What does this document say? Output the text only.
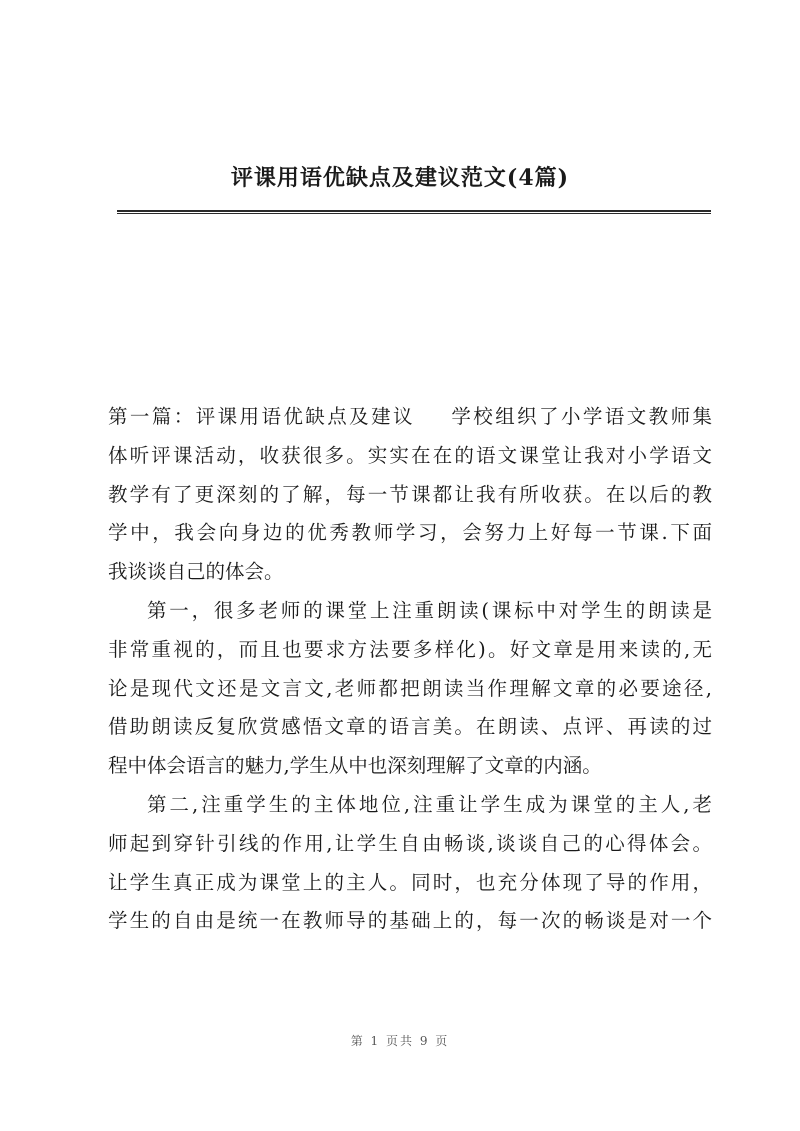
评课用语优缺点及建议范文(4篇)
第一篇：评课用语优缺点及建议 学校组织了小学语文教师集
体听评课活动，收获很多。实实在在的语文课堂让我对小学语文
教学有了更深刻的了解，每一节课都让我有所收获。在以后的教
学中，我会向身边的优秀教师学习，会努力上好每一节课.下面
我谈谈自己的体会。
第一，很多老师的课堂上注重朗读(课标中对学生的朗读是
非常重视的，而且也要求方法要多样化)。好文章是用来读的,无
论是现代文还是文言文,老师都把朗读当作理解文章的必要途径,
借助朗读反复欣赏感悟文章的语言美。在朗读、点评、再读的过
程中体会语言的魅力,学生从中也深刻理解了文章的内涵。
第二,注重学生的主体地位,注重让学生成为课堂的主人,老
师起到穿针引线的作用,让学生自由畅谈,谈谈自己的心得体会。
让学生真正成为课堂上的主人。同时，也充分体现了导的作用，
学生的自由是统一在教师导的基础上的，每一次的畅谈是对一个
第 1 页共 9 页
